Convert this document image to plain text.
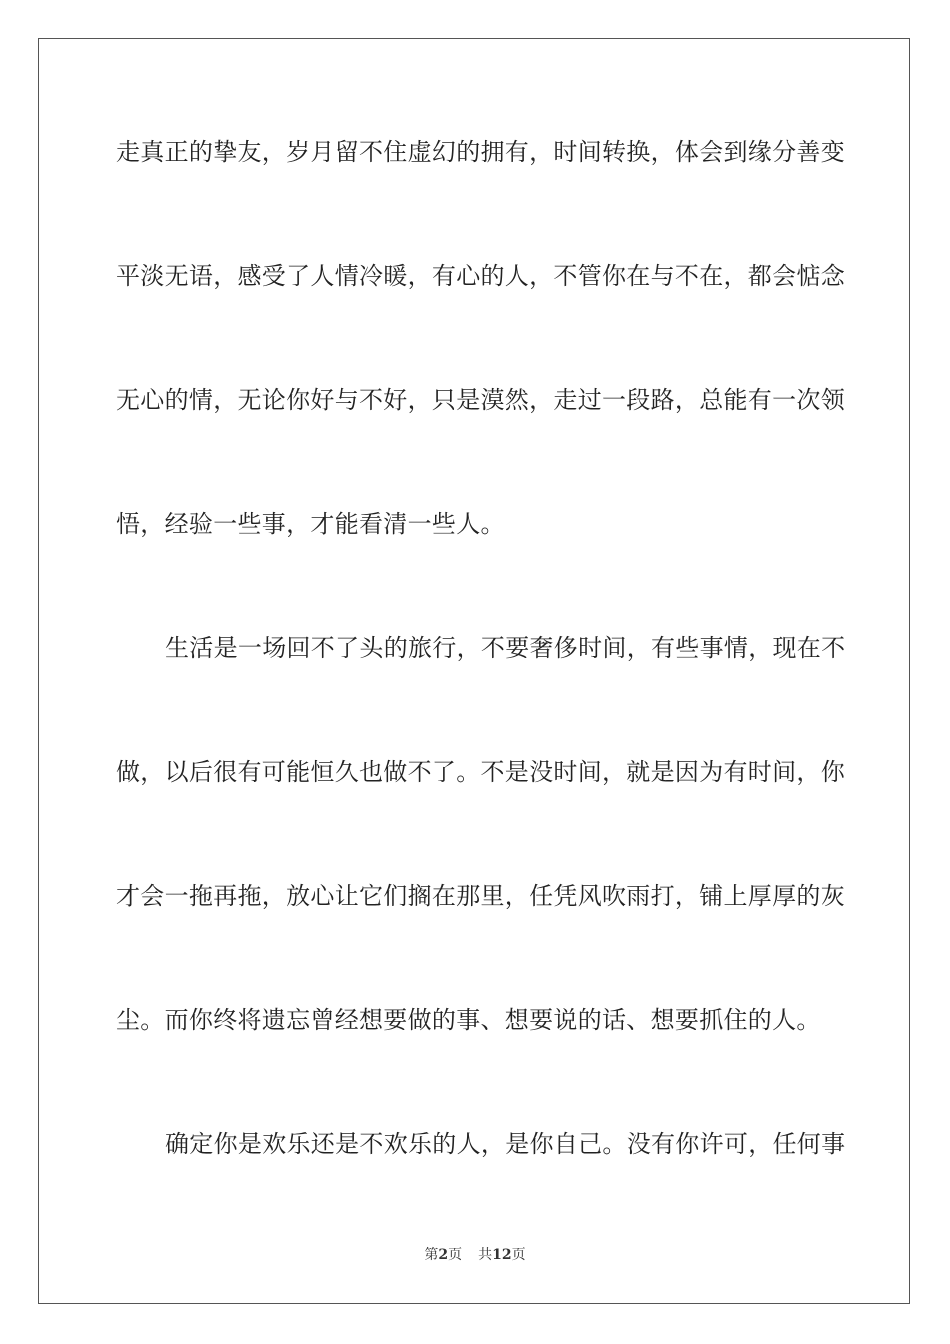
走真正的挚友，岁月留不住虚幻的拥有，时间转换，体会到缘分善变
平淡无语，感受了人情冷暖，有心的人，不管你在与不在，都会惦念
无心的情，无论你好与不好，只是漠然，走过一段路，总能有一次领
悟，经验一些事，才能看清一些人。
生活是一场回不了头的旅行，不要奢侈时间，有些事情，现在不
做，以后很有可能恒久也做不了。不是没时间，就是因为有时间，你
才会一拖再拖，放心让它们搁在那里，任凭风吹雨打，铺上厚厚的灰
尘。而你终将遗忘曾经想要做的事、想要说的话、想要抓住的人。
确定你是欢乐还是不欢乐的人，是你自己。没有你许可，任何事
第2页 共12页
